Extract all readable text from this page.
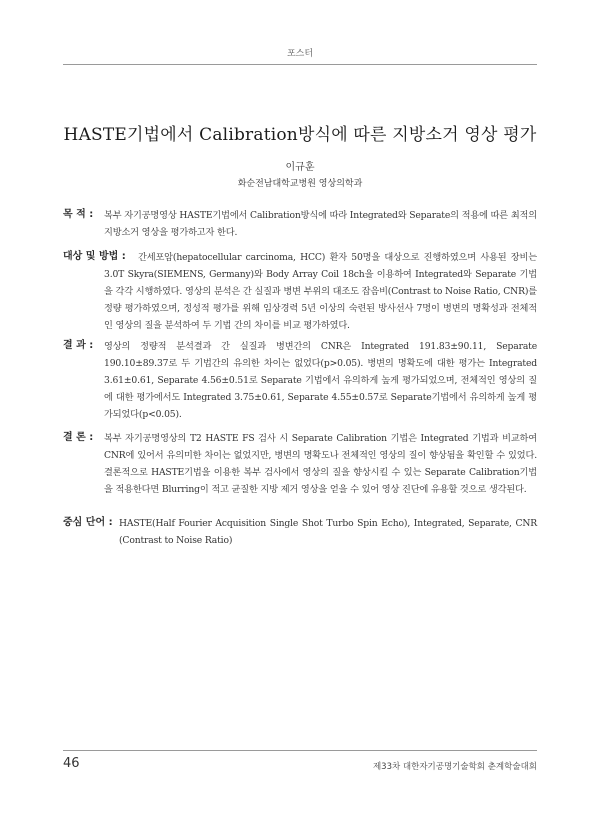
포스터
HASTE기법에서 Calibration방식에 따른 지방소거 영상 평가
이규훈
화순전남대학교병원 영상의학과
목 적 : 복부 자기공명영상 HASTE기법에서 Calibration방식에 따라 Integrated와 Separate의 적용에 따른 최적의 지방소거 영상을 평가하고자 한다.
대상 및 방법 :	간세포암(hepatocellular carcinoma, HCC) 환자 50명을 대상으로 진행하였으며 사용된 장비는 3.0T Skyra(SIEMENS, Germany)와 Body Array Coil 18ch을 이용하여 Integrated와 Separate 기법을 각각 시행하였다. 영상의 분석은 간 실질과 병변 부위의 대조도 잡음비(Contrast to Noise Ratio, CNR)를 정량 평가하였으며, 정성적 평가를 위해 임상경력 5년 이상의 숙련된 방사선사 7명이 병변의 명확성과 전체적인 영상의 질을 분석하여 두 기법 간의 차이를 비교 평가하였다.
결 과 : 영상의 정량적 분석결과 간 실질과 병변간의 CNR은 Integrated 191.83±90.11, Separate 190.10±89.37로 두 기법간의 유의한 차이는 없었다(p>0.05). 병변의 명확도에 대한 평가는 Integrated 3.61±0.61, Separate 4.56±0.51로 Separate 기법에서 유의하게 높게 평가되었으며, 전체적인 영상의 질에 대한 평가에서도 Integrated 3.75±0.61, Separate 4.55±0.57로 Separate기법에서 유의하게 높게 평가되었다(p<0.05).
결 론 : 복부 자기공명영상의 T2 HASTE FS 검사 시 Separate Calibration 기법은 Integrated 기법과 비교하여 CNR에 있어서 유의미한 차이는 없었지만, 병변의 명확도나 전체적인 영상의 질이 향상됨을 확인할 수 있었다. 결론적으로 HASTE기법을 이용한 복부 검사에서 영상의 질을 향상시킬 수 있는 Separate Calibration기법을 적용한다면 Blurring이 적고 균질한 지방 제거 영상을 얻을 수 있어 영상 진단에 유용할 것으로 생각된다.
중심 단어 : HASTE(Half Fourier Acquisition Single Shot Turbo Spin Echo), Integrated, Separate, CNR (Contrast to Noise Ratio)
46	제33차 대한자기공명기술학회 춘계학술대회
